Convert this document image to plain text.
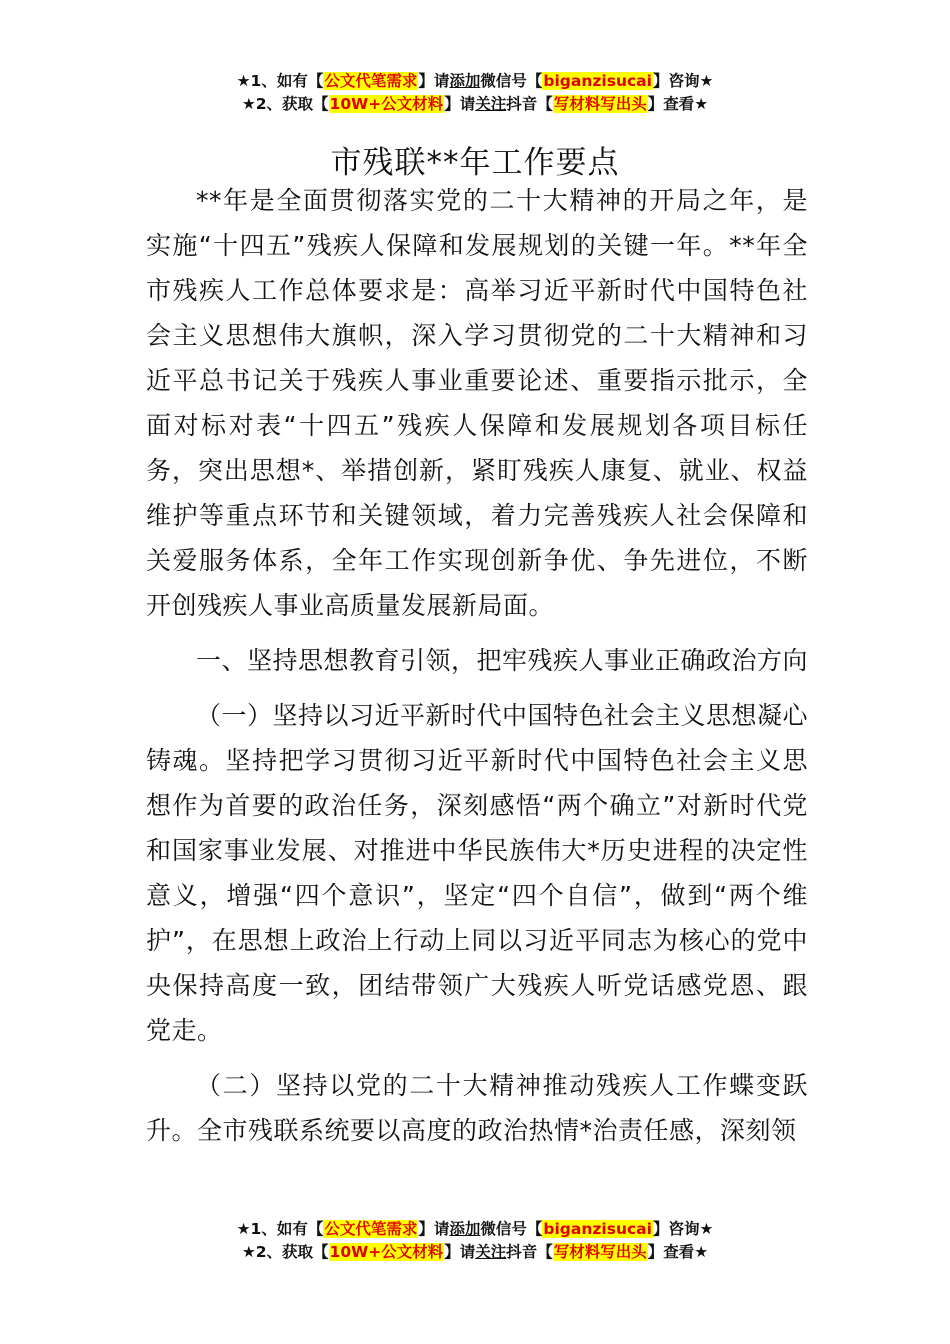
★1、如有【公文代笔需求】请添加微信号【biganzisucai】咨询★
★2、获取【10W+公文材料】请关注抖音【写材料写出头】查看★
市残联**年工作要点

**年是全面贯彻落实党的二十大精神的开局之年，是实施“十四五”残疾人保障和发展规划的关键一年。**年全市残疾人工作总体要求是：高举习近平新时代中国特色社会主义思想伟大旗帜，深入学习贯彻党的二十大精神和习近平总书记关于残疾人事业重要论述、重要指示批示，全面对标对表“十四五”残疾人保障和发展规划各项目标任务，突出思想*、举措创新，紧盯残疾人康复、就业、权益维护等重点环节和关键领域，着力完善残疾人社会保障和关爱服务体系，全年工作实现创新争优、争先进位，不断开创残疾人事业高质量发展新局面。

一、坚持思想教育引领，把牢残疾人事业正确政治方向

（一）坚持以习近平新时代中国特色社会主义思想凝心铸魂。坚持把学习贯彻习近平新时代中国特色社会主义思想作为首要的政治任务，深刻感悟“两个确立”对新时代党和国家事业发展、对推进中华民族伟大*历史进程的决定性意义，增强“四个意识”，坚定“四个自信”，做到“两个维护”，在思想上政治上行动上同以习近平同志为核心的党中央保持高度一致，团结带领广大残疾人听党话感党恩、跟党走。

（二）坚持以党的二十大精神推动残疾人工作蝶变跃升。全市残联系统要以高度的政治热情*治责任感，深刻领

★1、如有【公文代笔需求】请添加微信号【biganzisucai】咨询★
★2、获取【10W+公文材料】请关注抖音【写材料写出头】查看★
